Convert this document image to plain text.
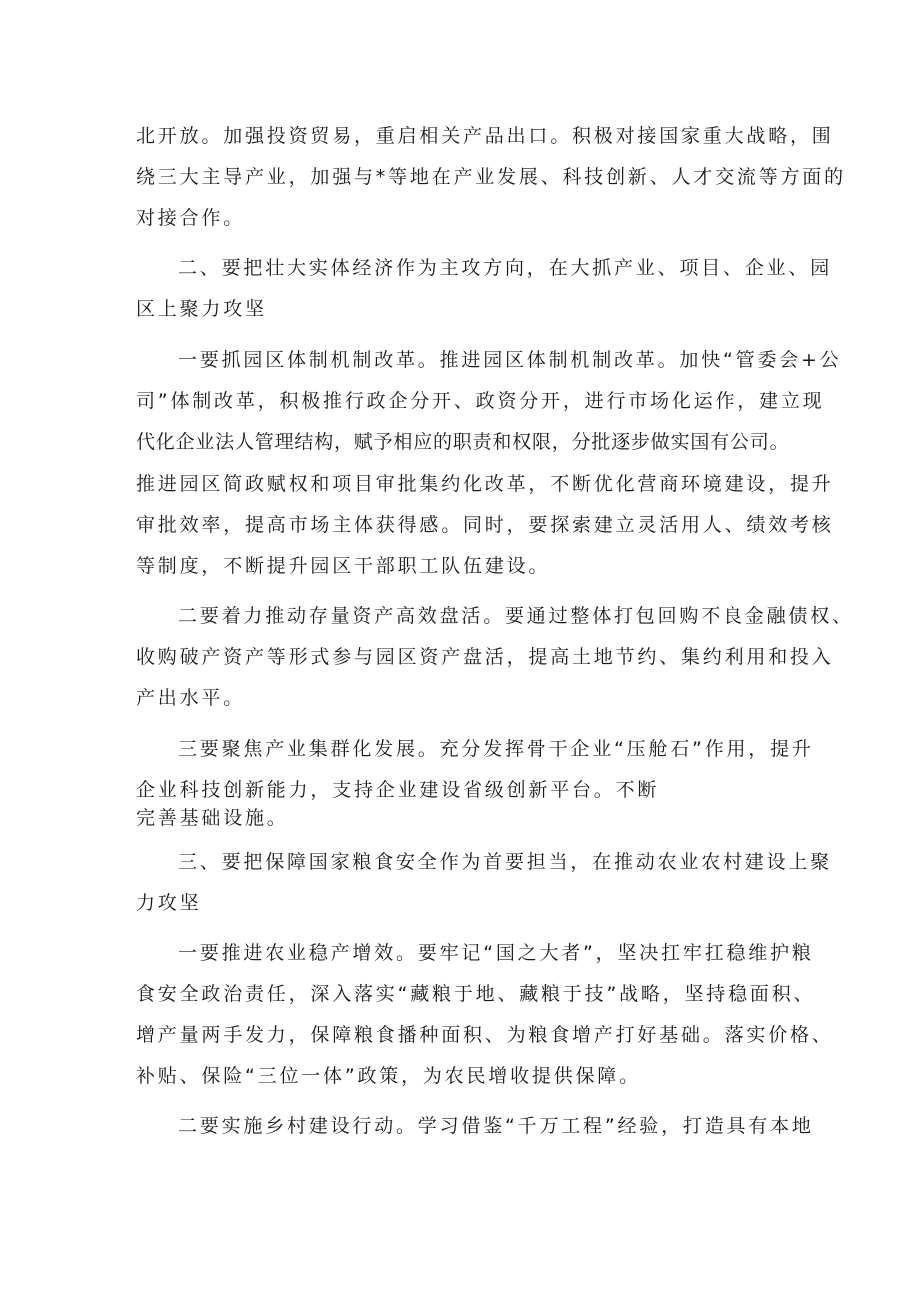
北开放。加强投资贸易，重启相关产品出口。积极对接国家重大战略，围

绕三大主导产业，加强与*等地在产业发展、科技创新、人才交流等方面的

对接合作。

二、要把壮大实体经济作为主攻方向，在大抓产业、项目、企业、园

区上聚力攻坚

一要抓园区体制机制改革。推进园区体制机制改革。加快“管委会+公

司”体制改革，积极推行政企分开、政资分开，进行市场化运作，建立现

代化企业法人管理结构，赋予相应的职责和权限，分批逐步做实国有公司。

推进园区简政赋权和项目审批集约化改革，不断优化营商环境建设，提升

审批效率，提高市场主体获得感。同时，要探索建立灵活用人、绩效考核

等制度，不断提升园区干部职工队伍建设。

二要着力推动存量资产高效盘活。要通过整体打包回购不良金融债权、

收购破产资产等形式参与园区资产盘活，提高土地节约、集约利用和投入

产出水平。

三要聚焦产业集群化发展。充分发挥骨干企业“压舱石”作用，提升

企业科技创新能力，支持企业建设省级创新平台。不断

完善基础设施。

三、要把保障国家粮食安全作为首要担当，在推动农业农村建设上聚

力攻坚

一要推进农业稳产增效。要牢记“国之大者”，坚决扛牢扛稳维护粮

食安全政治责任，深入落实“藏粮于地、藏粮于技”战略，坚持稳面积、

增产量两手发力，保障粮食播种面积、为粮食增产打好基础。落实价格、

补贴、保险“三位一体”政策，为农民增收提供保障。

二要实施乡村建设行动。学习借鉴“千万工程”经验，打造具有本地
